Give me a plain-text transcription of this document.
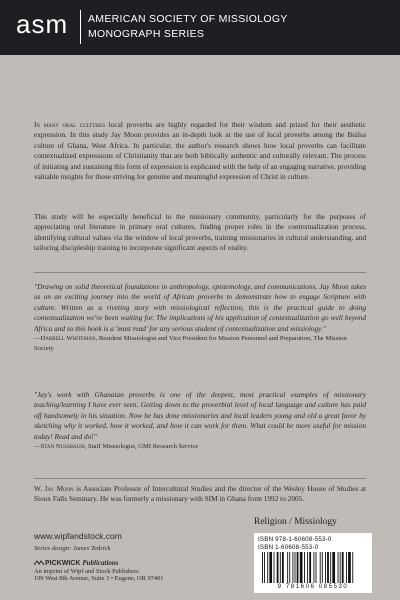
asm AMERICAN SOCIETY OF MISSIOLOGY
MONOGRAPH SERIES
In many oral cultures local proverbs are highly regarded for their wisdom and prized for their aesthetic expression. In this study Jay Moon provides an in-depth look at the use of local proverbs among the Builsa culture of Ghana, West Africa. In particular, the author's research shows how local proverbs can facilitate contextualized expressions of Christianity that are both biblically authentic and culturally relevant. The process of initiating and sustaining this form of expression is explicated with the help of an engaging narrative, providing valuable insights for those striving for genuine and meaningful expression of Christ in culture.
This study will be especially beneficial to the missionary community, particularly for the purposes of appreciating oral literature in primary oral cultures, finding proper roles in the contextualization process, identifying cultural values via the window of local proverbs, training missionaries in cultural understanding, and tailoring discipleship training to incorporate significant aspects of orality.
"Drawing on solid theoretical foundations in anthropology, epistemology, and communications, Jay Moon takes us on an exciting journey into the world of African proverbs to demonstrate how to engage Scripture with culture. Written as a riveting story with missiological reflection, this is the practical guide to doing contextualization we've been waiting for. The implications of his application of contextualization go well beyond Africa and so this book is a 'must read' for any serious student of contextualization and missiology."
—Darrell Whiteman, Resident Missiologist and Vice President for Mission Personnel and Preparation, The Mission Society
"Jay's work with Ghanaian proverbs is one of the deepest, most practical examples of missionary teaching/learning I have ever seen. Getting down to the proverbial level of local language and culture has paid off handsomely in his situation. Now he has done missionaries and local leaders young and old a great favor by sketching why it worked, how it worked, and how it can work for them. What could be more useful for mission today! Read and do!"
—Stan Nussbaum, Staff Missiologist, GMI Research Service
W. Jay Moon is Associate Professor of Intercultural Studies and the director of the Wesley House of Studies at Sioux Falls Seminary. He was formerly a missionary with SIM in Ghana from 1992 to 2005.
www.wipfandstock.com
Series design: James Tedrick
PICKWICK Publications
An imprint of Wipf and Stock Publishers
199 West 8th Avenue, Suite 3 • Eugene, OR 97401
Religion / Missiology
ISBN 978-1-60608-553-0
ISBN 1-60608-553-0
9 781606 085530
